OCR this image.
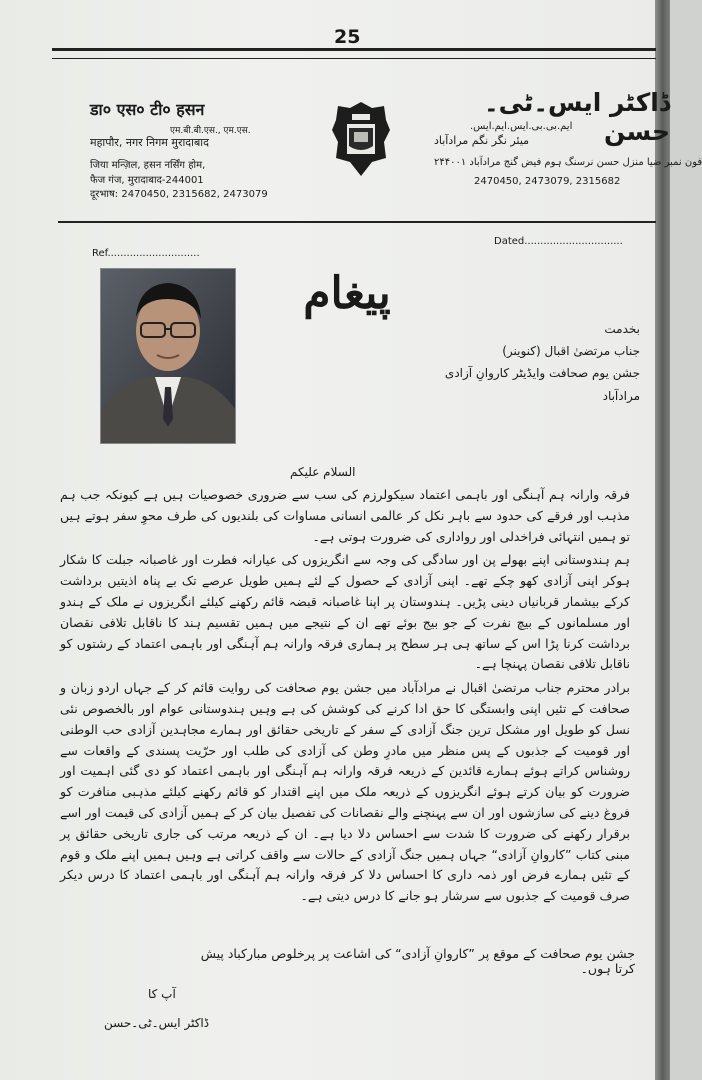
25
डा० एस० टी० हसन
एम.बी.बी.एस., एम.एस.
महापौर, नगर निगम मुरादाबाद
जिया मन्ज़िल, हसन नर्सिंग होम,
फैज गंज, मुरादाबाद-244001
दूरभाष: 2470450, 2315682, 2473079
ڈاکٹر ایس۔ٹی۔حسن
ایم.بی.بی.ایس.ایم.ایس.
میئر نگر نگم مرادآباد
فون نمبر ضیا منزل حسن نرسنگ ہوم فیض گنج مرادآباد ۲۴۴۰۰۱
2470450, 2473079, 2315682
Dated...............................
Ref.............................
پیغام
بخدمت
جناب مرتضیٰ اقبال (کنوینر)
جشن یوم صحافت وایڈیٹر کاروانِ آزادی
مرادآباد
السلام علیکم

فرقہ وارانہ ہم آہنگی اور باہمی اعتماد سیکولرزم کی سب سے ضروری خصوصیات ہیں ہے کیونکہ جب ہم مذہب اور فرقے کی حدود سے باہر نکل کر عالمی انسانی مساوات کی بلندیوں کی طرف محوِ سفر ہوتے ہیں تو ہمیں انتہائی فراخدلی اور رواداری کی ضرورت ہوتی ہے۔

ہم ہندوستانی اپنے بھولے پن اور سادگی کی وجہ سے انگریزوں کی عیارانہ فطرت اور غاصبانہ جبلت کا شکار ہوکر اپنی آزادی کھو چکے تھے۔ اپنی آزادی کے حصول کے لئے ہمیں طویل عرصے تک بے پناہ اذیتیں برداشت کرکے بیشمار قربانیاں دینی پڑیں۔ ہندوستان پر اپنا غاصبانہ قبضہ قائم رکھنے کیلئے انگریزوں نے ملک کے ہندو اور مسلمانوں کے بیچ نفرت کے جو بیج بوئے تھے ان کے نتیجے میں ہمیں تقسیم ہند کا ناقابل تلافی نقصان برداشت کرنا پڑا اس کے ساتھ ہی ہر سطح پر ہماری فرقہ وارانہ ہم آہنگی اور باہمی اعتماد کے رشتوں کو ناقابل تلافی نقصان پہنچا ہے۔

برادر محترم جناب مرتضیٰ اقبال نے مرادآباد میں جشن یوم صحافت کی روایت قائم کر کے جہاں اردو زبان و صحافت کے تئیں اپنی وابستگی کا حق ادا کرنے کی کوشش کی ہے وہیں ہندوستانی عوام اور بالخصوص نئی نسل کو طویل اور مشکل ترین جنگ آزادی کے سفر کے تاریخی حقائق اور ہمارے مجاہدین آزادی حب الوطنی اور قومیت کے جذبوں کے پس منظر میں مادرِ وطن کی آزادی کی طلب اور حرّیت پسندی کے واقعات سے روشناس کراتے ہوئے ہمارے قائدین کے ذریعہ فرقہ وارانہ ہم آہنگی اور باہمی اعتماد کو دی گئی اہمیت اور ضرورت کو بیان کرتے ہوئے انگریزوں کے ذریعہ ملک میں اپنے اقتدار کو قائم رکھنے کیلئے مذہبی منافرت کو فروغ دینے کی سازشوں اور ان سے پہنچنے والے نقصانات کی تفصیل بیان کر کے ہمیں آزادی کی قیمت اور اسے برقرار رکھنے کی ضرورت کا شدت سے احساس دلا دیا ہے۔ ان کے ذریعہ مرتب کی جاری تاریخی حقائق پر مبنی کتاب ”کاروانِ آزادی“ جہاں ہمیں جنگ آزادی کے حالات سے واقف کراتی ہے وہیں ہمیں اپنے ملک و قوم کے تئیں ہمارے فرض اور ذمہ داری کا احساس دلا کر فرقہ وارانہ ہم آہنگی اور باہمی اعتماد کا درس دیکر صرف قومیت کے جذبوں سے سرشار ہو جانے کا درس دیتی ہے۔

جشن یوم صحافت کے موقع پر ”کاروانِ آزادی“ کی اشاعت پر پرخلوص مبارکباد پیش کرتا ہوں۔
آپ کا
ڈاکٹر ایس۔ٹی۔حسن
